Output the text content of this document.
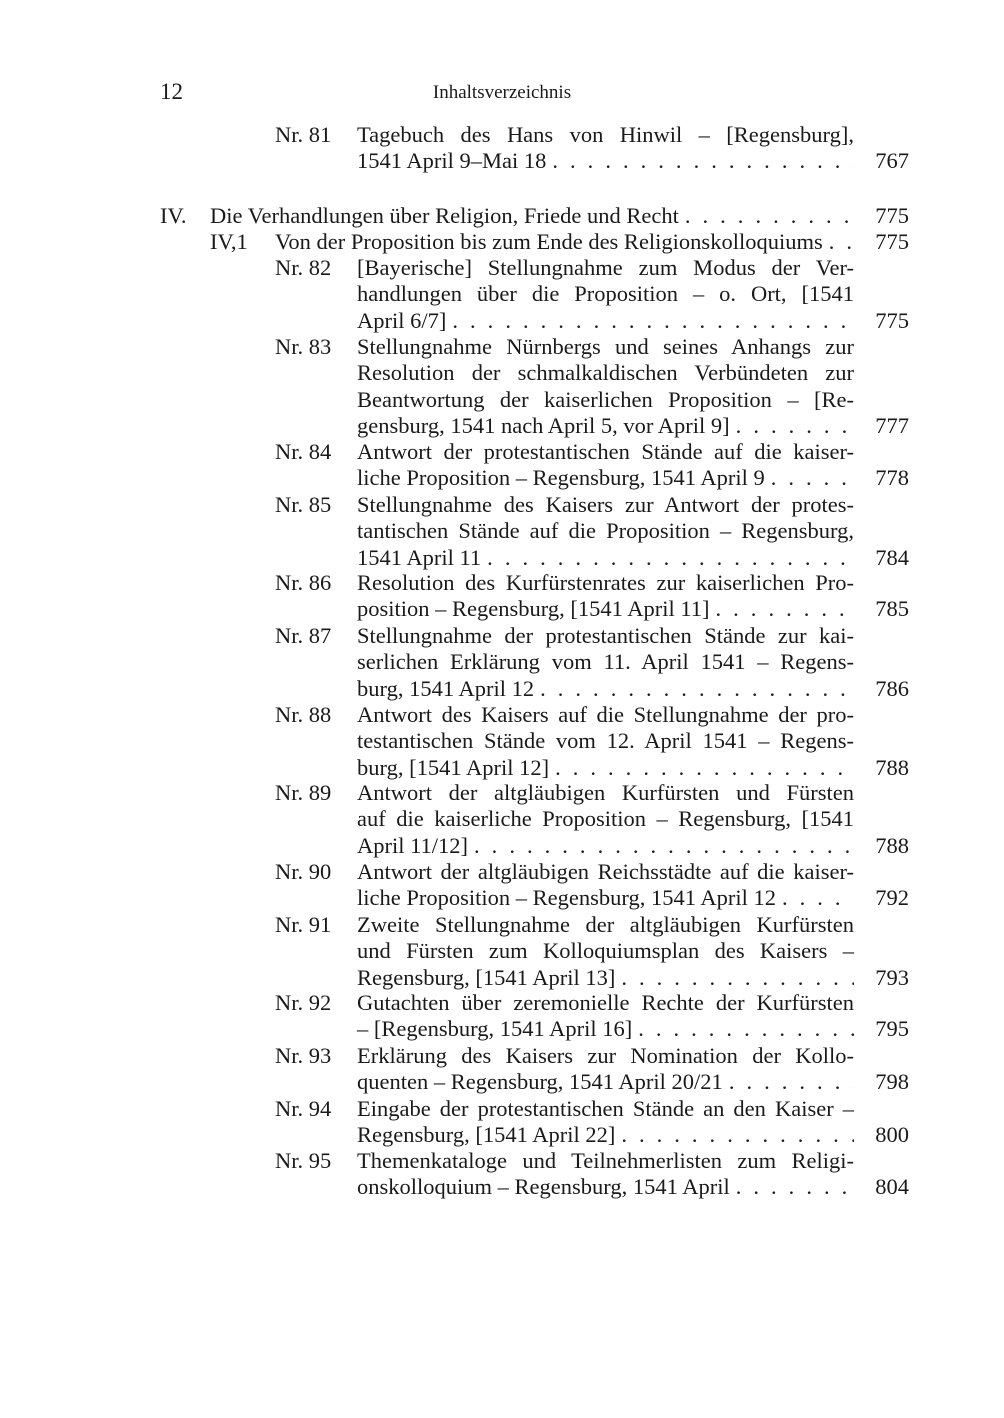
12	Inhaltsverzeichnis
Nr. 81 Tagebuch des Hans von Hinwil – [Regensburg],
1541 April 9–Mai 18 . . .	767
IV. Die Verhandlungen über Religion, Friede und Recht . . .	775
IV,1 Von der Proposition bis zum Ende des Religionskolloquiums . . .	775
Nr. 82 [Bayerische] Stellungnahme zum Modus der Ver-
handlungen über die Proposition – o. Ort, [1541
April 6/7] . . .	775
Nr. 83 Stellungnahme Nürnbergs und seines Anhangs zur
Resolution der schmalkaldischen Verbündeten zur
Beantwortung der kaiserlichen Proposition – [Re-
gensburg, 1541 nach April 5, vor April 9] . . .	777
Nr. 84 Antwort der protestantischen Stände auf die kaiser-
liche Proposition – Regensburg, 1541 April 9 . . .	778
Nr. 85 Stellungnahme des Kaisers zur Antwort der protes-
tantischen Stände auf die Proposition – Regensburg,
1541 April 11 . . .	784
Nr. 86 Resolution des Kurfürstenrates zur kaiserlichen Pro-
position – Regensburg, [1541 April 11] . . .	785
Nr. 87 Stellungnahme der protestantischen Stände zur kai-
serlichen Erklärung vom 11. April 1541 – Regens-
burg, 1541 April 12 . . .	786
Nr. 88 Antwort des Kaisers auf die Stellungnahme der pro-
testantischen Stände vom 12. April 1541 – Regens-
burg, [1541 April 12] . . .	788
Nr. 89 Antwort der altgläubigen Kurfürsten und Fürsten
auf die kaiserliche Proposition – Regensburg, [1541
April 11/12] . . .	788
Nr. 90 Antwort der altgläubigen Reichsstädte auf die kaiser-
liche Proposition – Regensburg, 1541 April 12 . . .	792
Nr. 91 Zweite Stellungnahme der altgläubigen Kurfürsten
und Fürsten zum Kolloquiumsplan des Kaisers –
Regensburg, [1541 April 13] . . .	793
Nr. 92 Gutachten über zeremonielle Rechte der Kurfürsten
– [Regensburg, 1541 April 16] . . .	795
Nr. 93 Erklärung des Kaisers zur Nomination der Kollo-
quenten – Regensburg, 1541 April 20/21 . . .	798
Nr. 94 Eingabe der protestantischen Stände an den Kaiser –
Regensburg, [1541 April 22] . . .	800
Nr. 95 Themenkataloge und Teilnehmerlisten zum Religi-
onskolloquium – Regensburg, 1541 April . . .	804
